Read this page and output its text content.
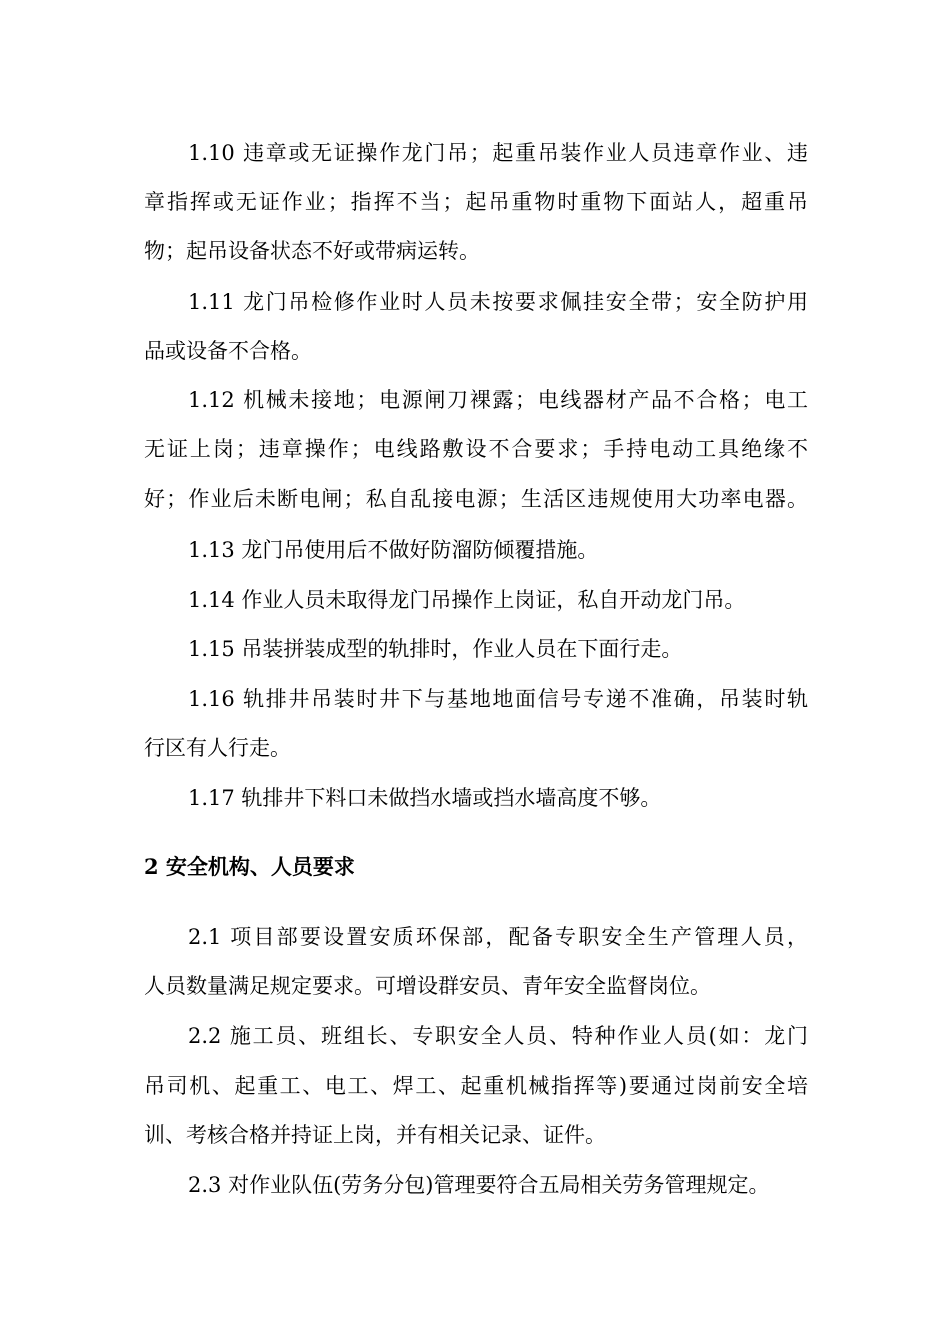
1.10 违章或无证操作龙门吊；起重吊装作业人员违章作业、违
章指挥或无证作业；指挥不当；起吊重物时重物下面站人，超重吊
物；起吊设备状态不好或带病运转。
1.11 龙门吊检修作业时人员未按要求佩挂安全带；安全防护用
品或设备不合格。
1.12 机械未接地；电源闸刀裸露；电线器材产品不合格；电工
无证上岗；违章操作；电线路敷设不合要求；手持电动工具绝缘不
好；作业后未断电闸；私自乱接电源；生活区违规使用大功率电器。
1.13 龙门吊使用后不做好防溜防倾覆措施。
1.14 作业人员未取得龙门吊操作上岗证，私自开动龙门吊。
1.15 吊装拼装成型的轨排时，作业人员在下面行走。
1.16 轨排井吊装时井下与基地地面信号专递不准确，吊装时轨
行区有人行走。
1.17 轨排井下料口未做挡水墙或挡水墙高度不够。
2 安全机构、人员要求
2.1 项目部要设置安质环保部，配备专职安全生产管理人员，
人员数量满足规定要求。可增设群安员、青年安全监督岗位。
2.2 施工员、班组长、专职安全人员、特种作业人员(如：龙门
吊司机、起重工、电工、焊工、起重机械指挥等)要通过岗前安全培
训、考核合格并持证上岗，并有相关记录、证件。
2.3 对作业队伍(劳务分包)管理要符合五局相关劳务管理规定。
